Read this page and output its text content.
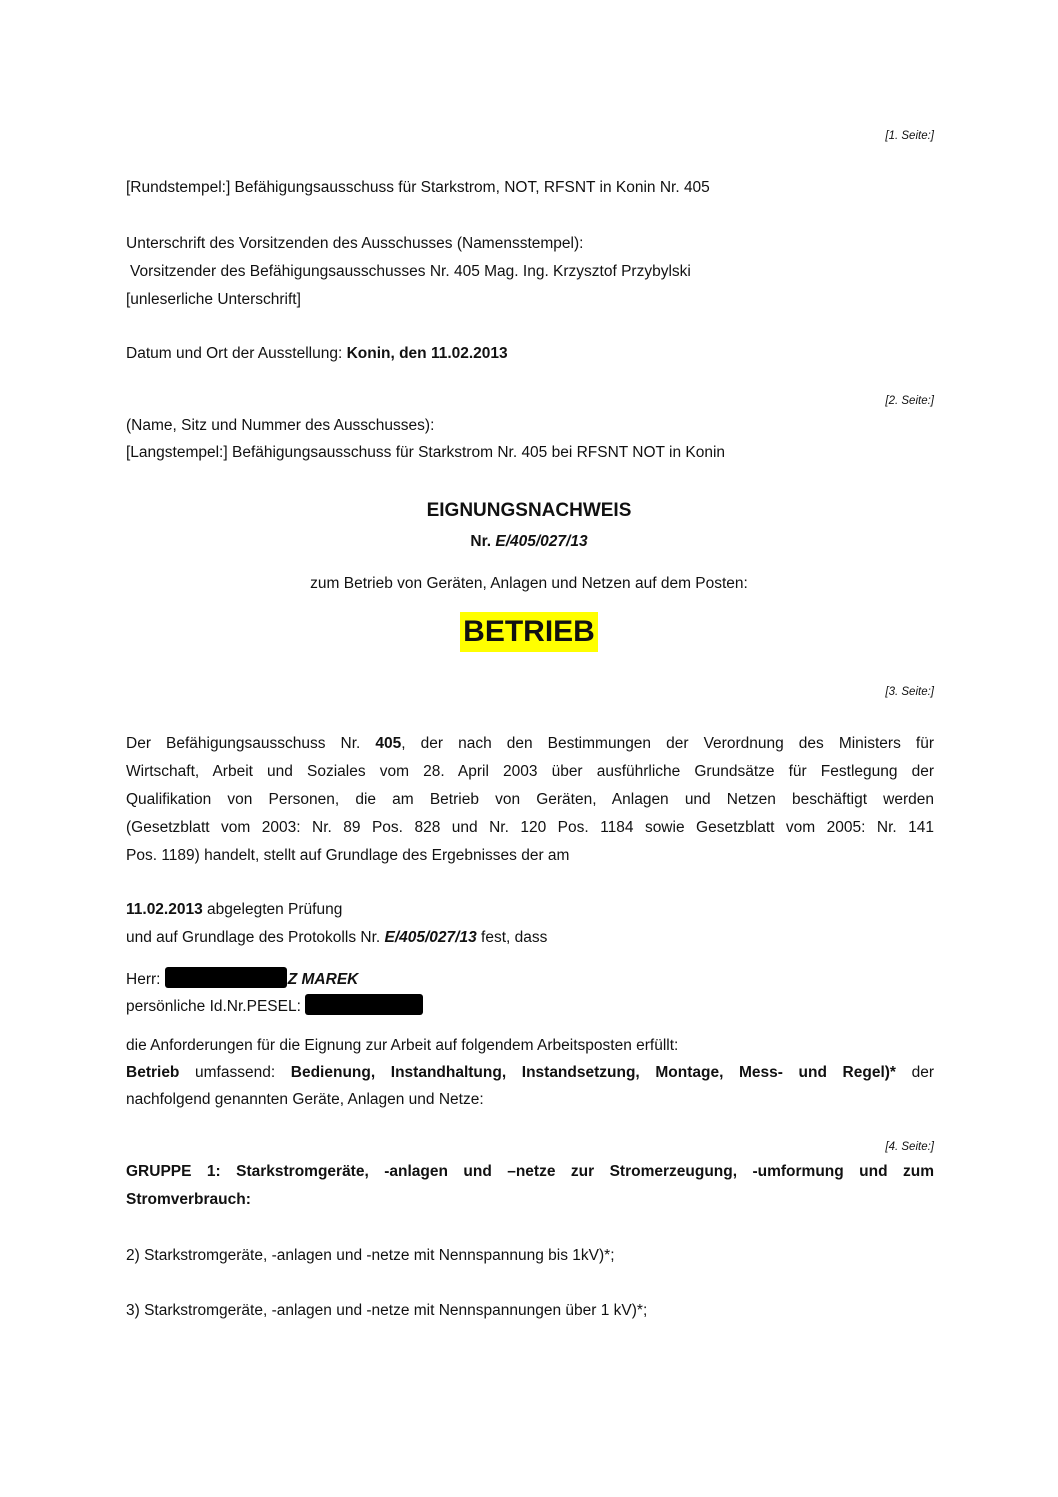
[1. Seite:]
[Rundstempel:] Befähigungsausschuss für Starkstrom, NOT, RFSNT in Konin Nr. 405
Unterschrift des Vorsitzenden des Ausschusses (Namensstempel):
Vorsitzender des Befähigungsausschusses Nr. 405 Mag. Ing. Krzysztof Przybylski
[unleserliche Unterschrift]
Datum und Ort der Ausstellung: Konin, den 11.02.2013
[2. Seite:]
(Name, Sitz und Nummer des Ausschusses):
[Langstempel:] Befähigungsausschuss für Starkstrom Nr. 405 bei RFSNT NOT in Konin
EIGNUNGSNACHWEIS
Nr. E/405/027/13
zum Betrieb von Geräten, Anlagen und Netzen auf dem Posten:
BETRIEB
[3. Seite:]
Der Befähigungsausschuss Nr. 405, der nach den Bestimmungen der Verordnung des Ministers für
Wirtschaft, Arbeit und Soziales vom 28. April 2003 über ausführliche Grundsätze für Festlegung der
Qualifikation von Personen, die am Betrieb von Geräten, Anlagen und Netzen beschäftigt werden
(Gesetzblatt vom 2003: Nr. 89 Pos. 828 und Nr. 120 Pos. 1184 sowie Gesetzblatt vom 2005: Nr. 141
Pos. 1189) handelt, stellt auf Grundlage des Ergebnisses der am
11.02.2013 abgelegten Prüfung
und auf Grundlage des Protokolls Nr. E/405/027/13 fest, dass
Herr:	Z MAREK
persönliche Id.Nr.PESEL:
die Anforderungen für die Eignung zur Arbeit auf folgendem Arbeitsposten erfüllt:
Betrieb umfassend: Bedienung, Instandhaltung, Instandsetzung, Montage, Mess- und Regel)* der
nachfolgend genannten Geräte, Anlagen und Netze:
[4. Seite:]
GRUPPE 1: Starkstromgeräte, -anlagen und –netze zur Stromerzeugung, -umformung und zum
Stromverbrauch:
2) Starkstromgeräte, -anlagen und -netze mit Nennspannung bis 1kV)*;
3) Starkstromgeräte, -anlagen und -netze mit Nennspannungen über 1 kV)*;
